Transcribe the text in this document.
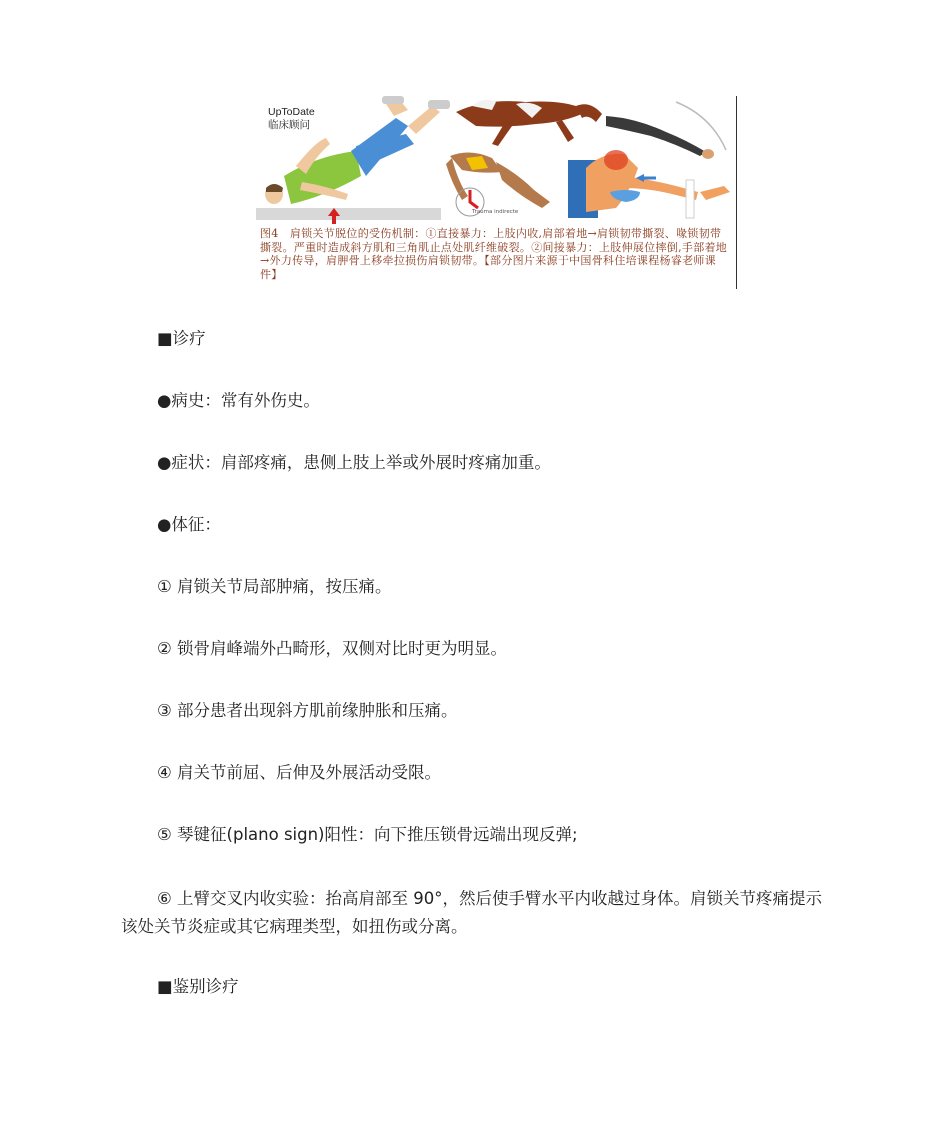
UpToDate
临床顾问
Trauma indirecte
图4　肩锁关节脱位的受伤机制：①直接暴力：上肢内收,肩部着地→肩锁韧带撕裂、喙锁韧带撕裂。严重时造成斜方肌和三角肌止点处肌纤维破裂。②间接暴力：上肢伸展位摔倒,手部着地→外力传导，肩胛骨上移牵拉损伤肩锁韧带。【部分图片来源于中国骨科住培课程杨睿老师课件】
■诊疗
●病史：常有外伤史。
●症状：肩部疼痛，患侧上肢上举或外展时疼痛加重。
●体征：
① 肩锁关节局部肿痛，按压痛。
② 锁骨肩峰端外凸畸形，双侧对比时更为明显。
③ 部分患者出现斜方肌前缘肿胀和压痛。
④ 肩关节前屈、后伸及外展活动受限。
⑤ 琴键征(plano sign)阳性：向下推压锁骨远端出现反弹;
⑥ 上臂交叉内收实验：抬高肩部至 90°，然后使手臂水平内收越过身体。肩锁关节疼痛提示该处关节炎症或其它病理类型，如扭伤或分离。
■鉴别诊疗
